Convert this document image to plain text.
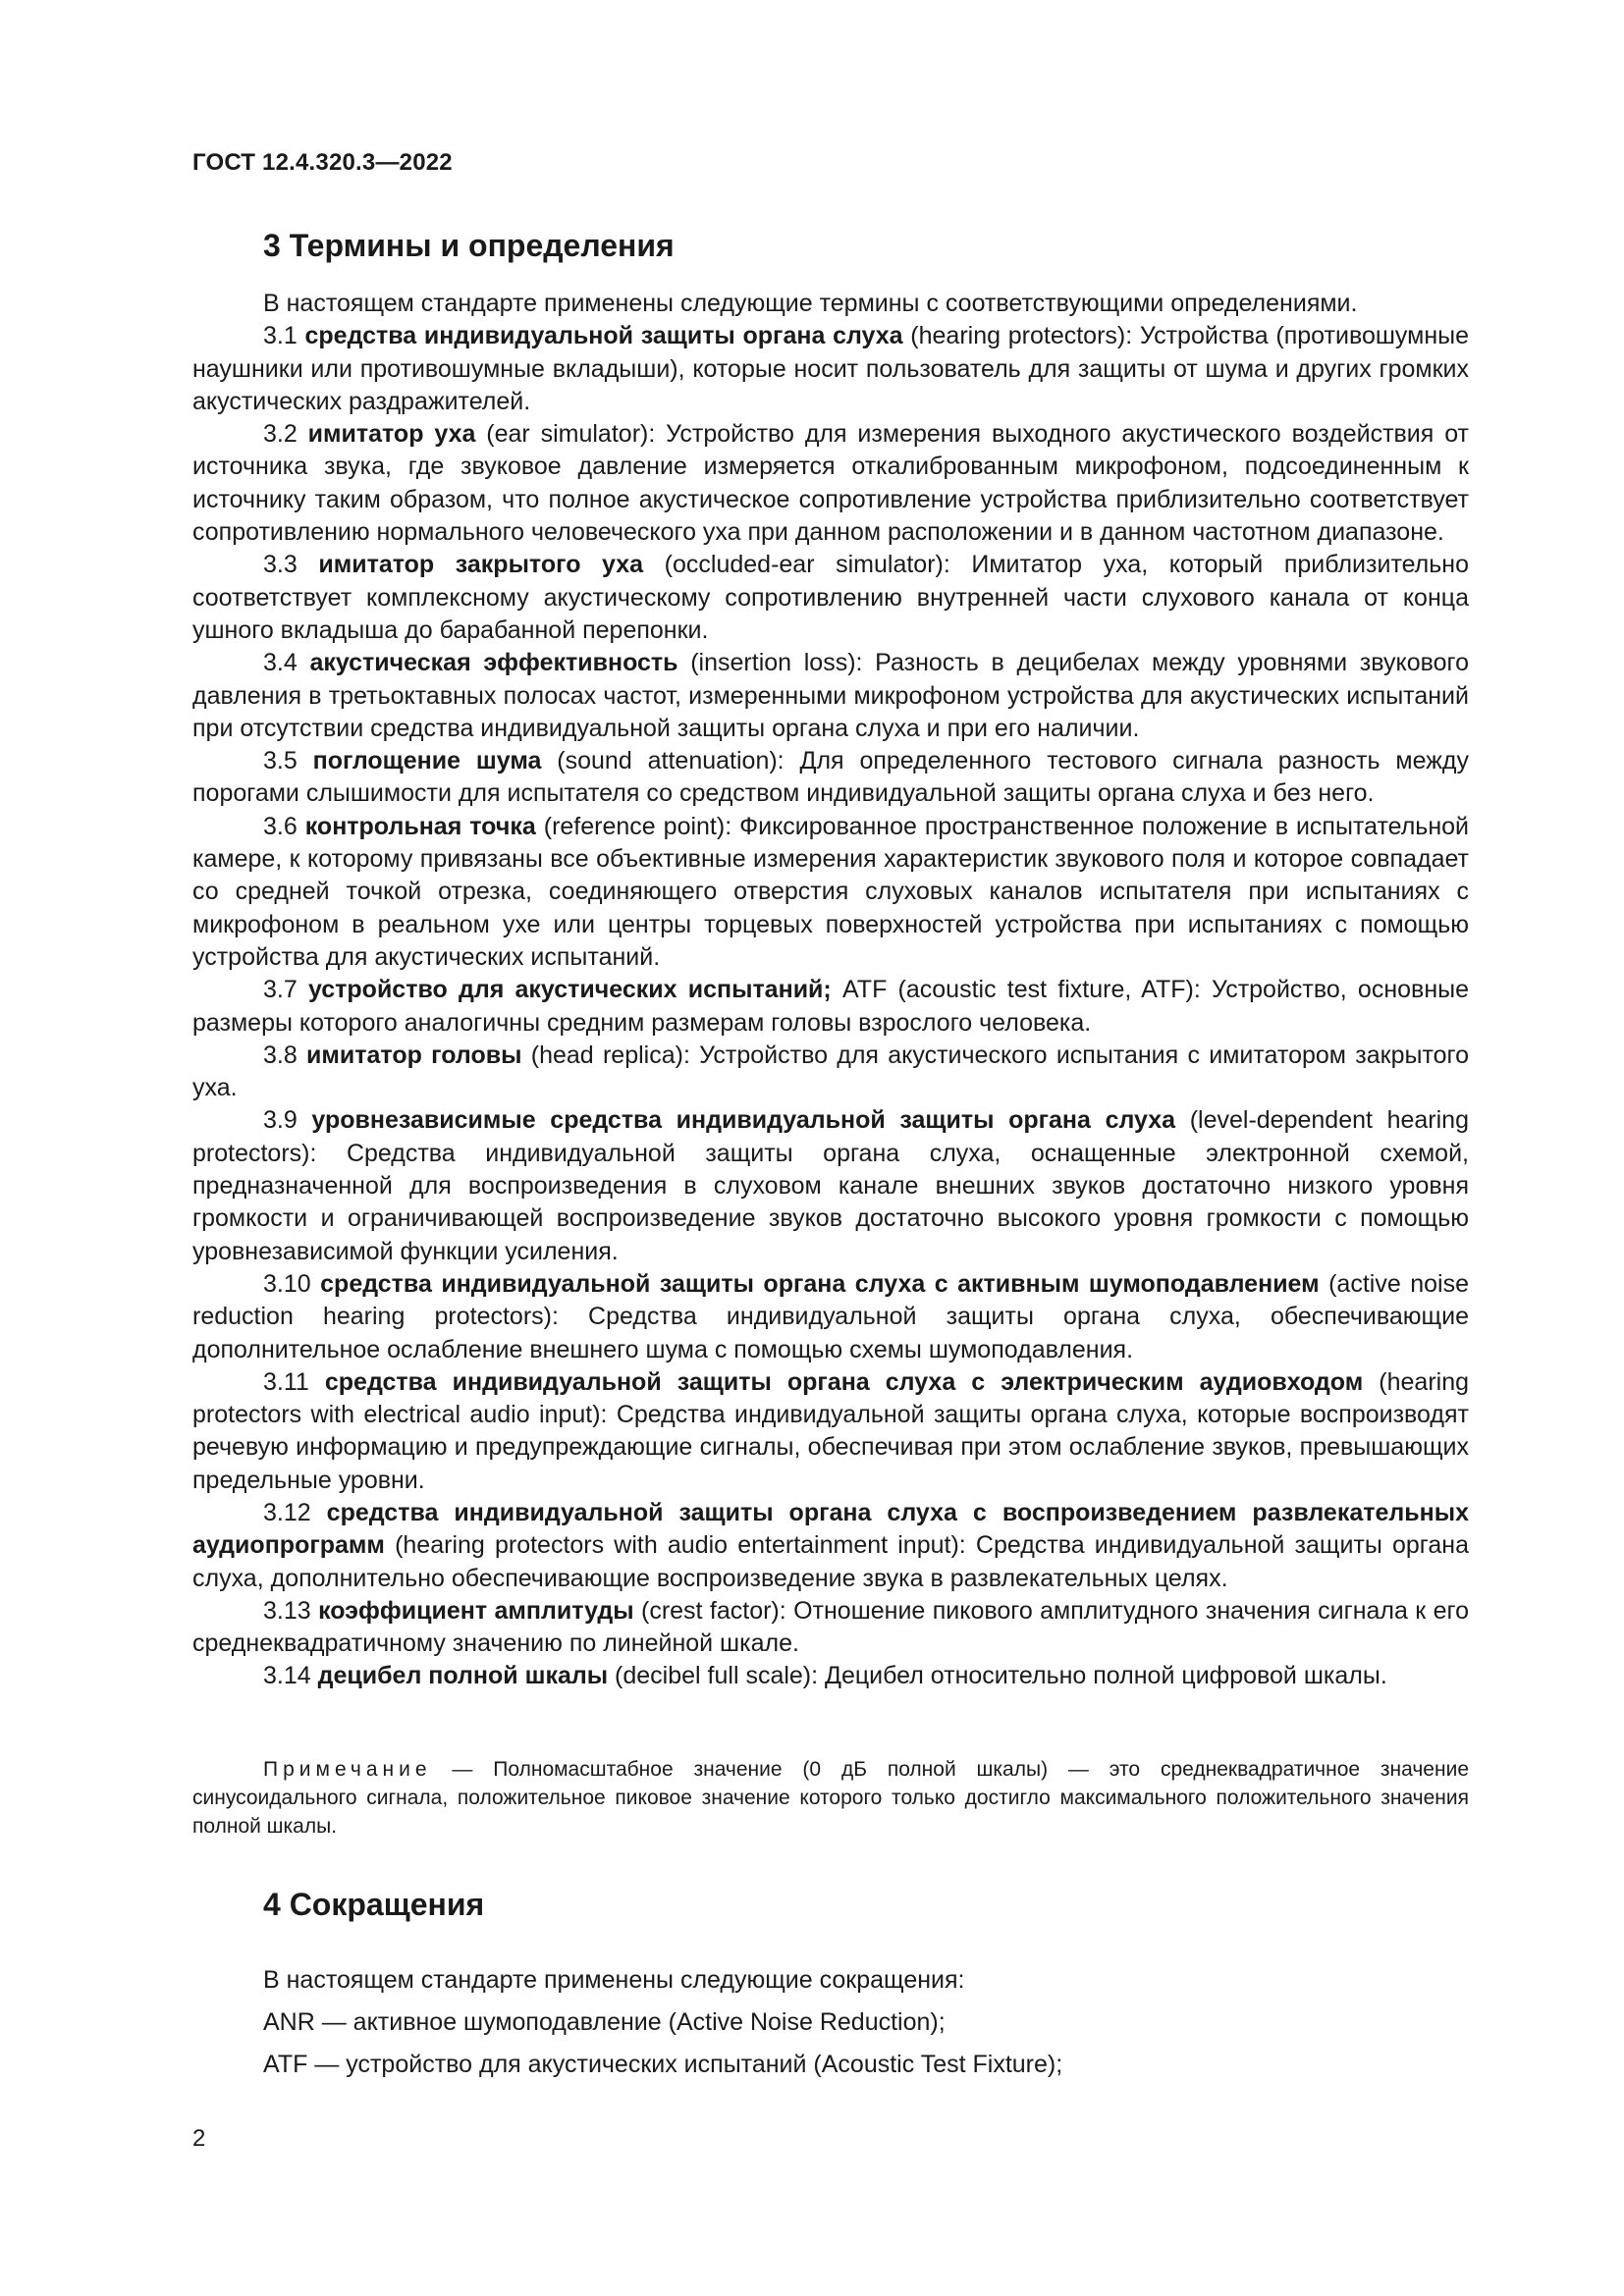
ГОСТ 12.4.320.3—2022
3 Термины и определения

В настоящем стандарте применены следующие термины с соответствующими определениями.

3.1 средства индивидуальной защиты органа слуха (hearing protectors): Устройства (противошумные наушники или противошумные вкладыши), которые носит пользователь для защиты от шума и других громких акустических раздражителей.

3.2 имитатор уха (ear simulator): Устройство для измерения выходного акустического воздействия от источника звука, где звуковое давление измеряется откалиброванным микрофоном, подсоединенным к источнику таким образом, что полное акустическое сопротивление устройства приблизительно соответствует сопротивлению нормального человеческого уха при данном расположении и в данном частотном диапазоне.

3.3 имитатор закрытого уха (occluded-ear simulator): Имитатор уха, который приблизительно соответствует комплексному акустическому сопротивлению внутренней части слухового канала от конца ушного вкладыша до барабанной перепонки.

3.4 акустическая эффективность (insertion loss): Разность в децибелах между уровнями звукового давления в третьоктавных полосах частот, измеренными микрофоном устройства для акустических испытаний при отсутствии средства индивидуальной защиты органа слуха и при его наличии.

3.5 поглощение шума (sound attenuation): Для определенного тестового сигнала разность между порогами слышимости для испытателя со средством индивидуальной защиты органа слуха и без него.

3.6 контрольная точка (reference point): Фиксированное пространственное положение в испытательной камере, к которому привязаны все объективные измерения характеристик звукового поля и которое совпадает со средней точкой отрезка, соединяющего отверстия слуховых каналов испытателя при испытаниях с микрофоном в реальном ухе или центры торцевых поверхностей устройства при испытаниях с помощью устройства для акустических испытаний.

3.7 устройство для акустических испытаний; ATF (acoustic test fixture, ATF): Устройство, основные размеры которого аналогичны средним размерам головы взрослого человека.

3.8 имитатор головы (head replica): Устройство для акустического испытания с имитатором закрытого уха.

3.9 уровнезависимые средства индивидуальной защиты органа слуха (level-dependent hearing protectors): Средства индивидуальной защиты органа слуха, оснащенные электронной схемой, предназначенной для воспроизведения в слуховом канале внешних звуков достаточно низкого уровня громкости и ограничивающей воспроизведение звуков достаточно высокого уровня громкости с помощью уровнезависимой функции усиления.

3.10 средства индивидуальной защиты органа слуха с активным шумоподавлением (active noise reduction hearing protectors): Средства индивидуальной защиты органа слуха, обеспечивающие дополнительное ослабление внешнего шума с помощью схемы шумоподавления.

3.11 средства индивидуальной защиты органа слуха с электрическим аудиовходом (hearing protectors with electrical audio input): Средства индивидуальной защиты органа слуха, которые воспроизводят речевую информацию и предупреждающие сигналы, обеспечивая при этом ослабление звуков, превышающих предельные уровни.

3.12 средства индивидуальной защиты органа слуха с воспроизведением развлекательных аудиопрограмм (hearing protectors with audio entertainment input): Средства индивидуальной защиты органа слуха, дополнительно обеспечивающие воспроизведение звука в развлекательных целях.

3.13 коэффициент амплитуды (crest factor): Отношение пикового амплитудного значения сигнала к его среднеквадратичному значению по линейной шкале.

3.14 децибел полной шкалы (decibel full scale): Децибел относительно полной цифровой шкалы.

Примечание — Полномасштабное значение (0 дБ полной шкалы) — это среднеквадратичное значение синусоидального сигнала, положительное пиковое значение которого только достигло максимального положительного значения полной шкалы.

4 Сокращения

В настоящем стандарте применены следующие сокращения:

ANR — активное шумоподавление (Active Noise Reduction);

ATF — устройство для акустических испытаний (Acoustic Test Fixture);

2
